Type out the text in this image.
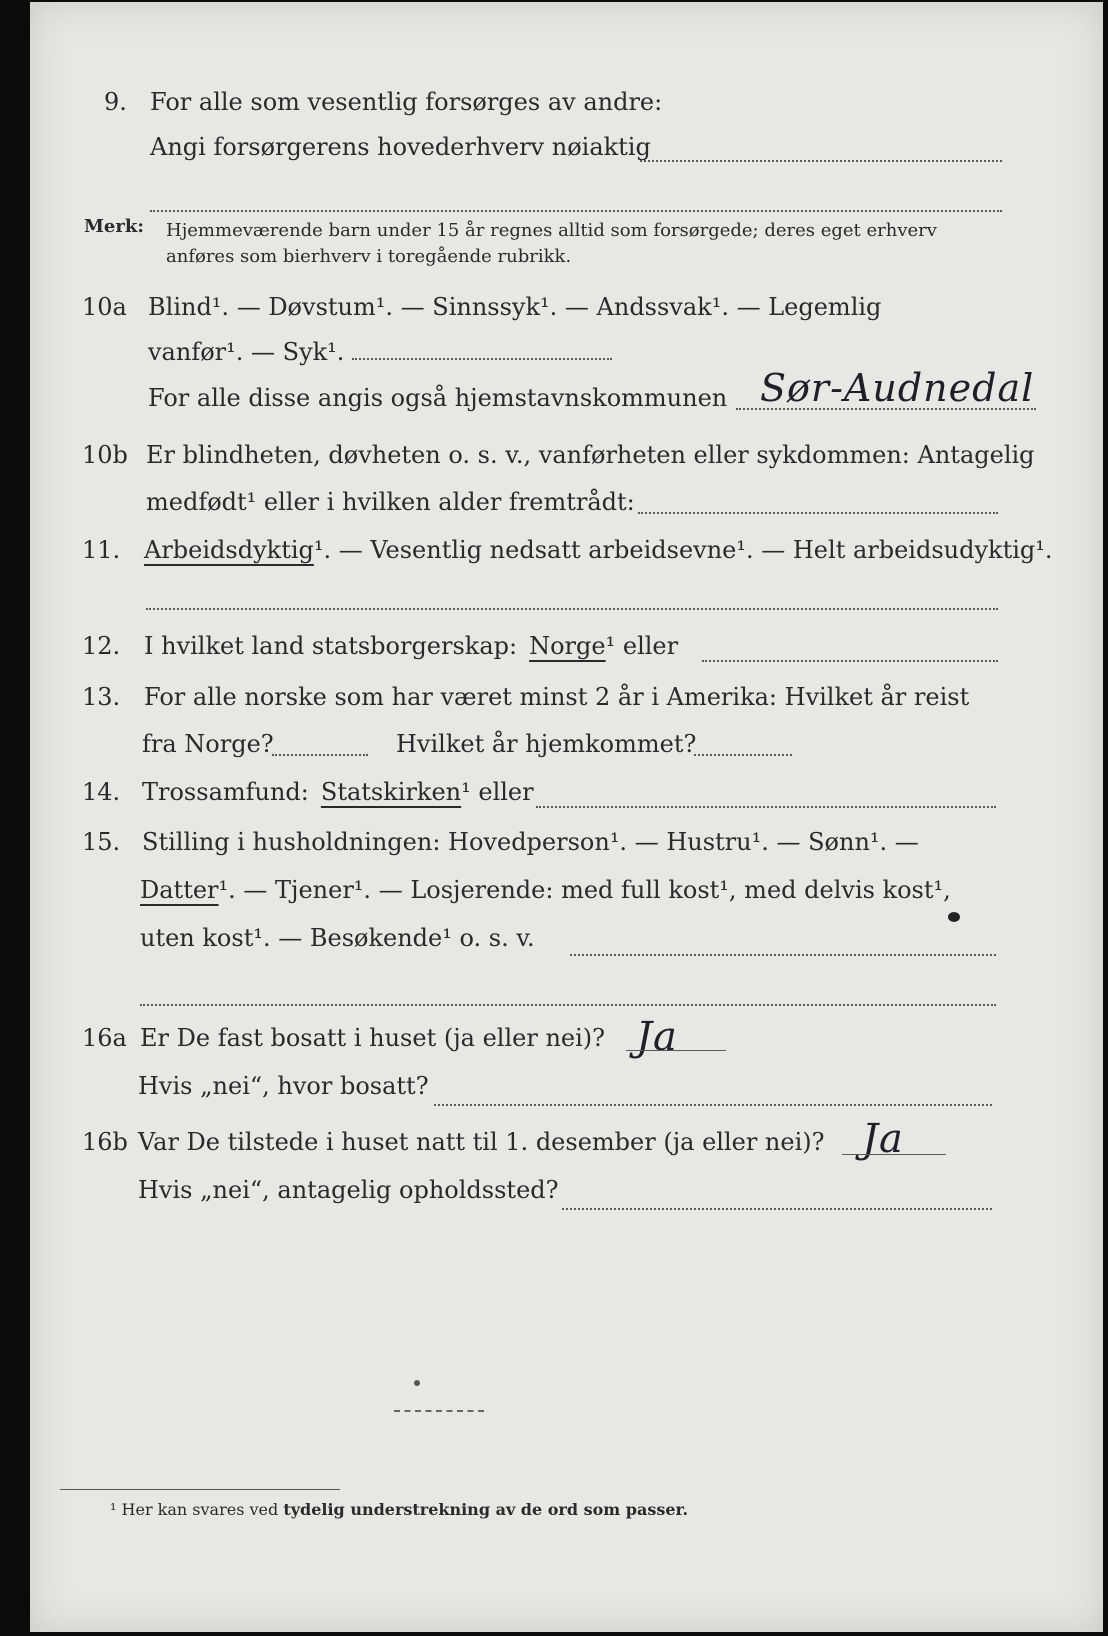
9. For alle som vesentlig forsørges av andre:
Angi forsørgerens hovederhverv nøiaktig
Merk: Hjemmeværende barn under 15 år regnes alltid som forsørgede; deres eget erhverv
anføres som bierhverv i toregående rubrikk.
10a Blind¹. — Døvstum¹. — Sinnssyk¹. — Andssvak¹. — Legemlig
vanfør¹. — Syk¹.
For alle disse angis også hjemstavnskommunen Sør-Audnedal
10b Er blindheten, døvheten o. s. v., vanførheten eller sykdommen: Antagelig
medfødt¹ eller i hvilken alder fremtrådt:
11. Arbeidsdyktig ¹. — Vesentlig nedsatt arbeidsevne¹. — Helt arbeidsudyktig¹.
12. I hvilket land statsborgerskap: Norge ¹ eller
13. For alle norske som har været minst 2 år i Amerika: Hvilket år reist
fra Norge?	Hvilket år hjemkommet?
14. Trossamfund: Statskirken ¹ eller
15. Stilling i husholdningen: Hovedperson¹. — Hustru¹. — Sønn¹. —
Datter ¹. — Tjener¹. — Losjerende: med full kost¹, med delvis kost¹,
uten kost¹. — Besøkende¹ o. s. v.
16a Er De fast bosatt i huset (ja eller nei)? Ja
Hvis „nei“, hvor bosatt?
16b Var De tilstede i huset natt til 1. desember (ja eller nei)? Ja
Hvis „nei“, antagelig opholdssted?
¹ Her kan svares ved tydelig understrekning av de ord som passer.
